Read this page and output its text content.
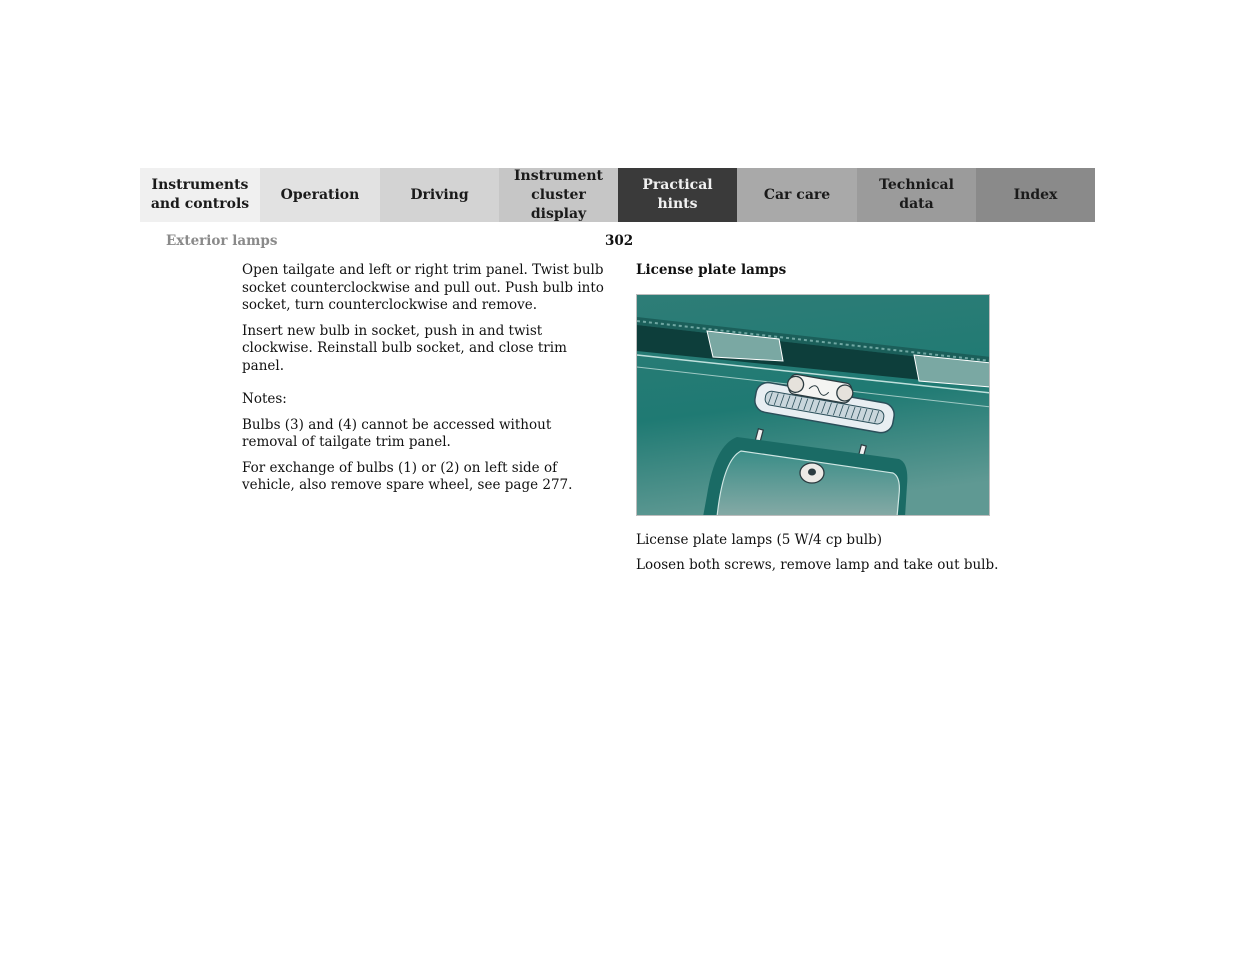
Instruments
and controls
Operation	Driving
Instrument
cluster display
Practical hints
Car care
Technical
data
Index
Exterior lamps	302

Open tailgate and left or right trim panel. Twist bulb socket counterclockwise and pull out. Push bulb into socket, turn counterclockwise and remove.

Insert new bulb in socket, push in and twist clockwise. Reinstall bulb socket, and close trim panel.

Notes:

Bulbs (3) and (4) cannot be accessed without removal of tailgate trim panel.

For exchange of bulbs (1) or (2) on left side of vehicle, also remove spare wheel, see page 277.

License plate lamps
License plate lamps (5 W/4 cp bulb)
Loosen both screws, remove lamp and take out bulb.
